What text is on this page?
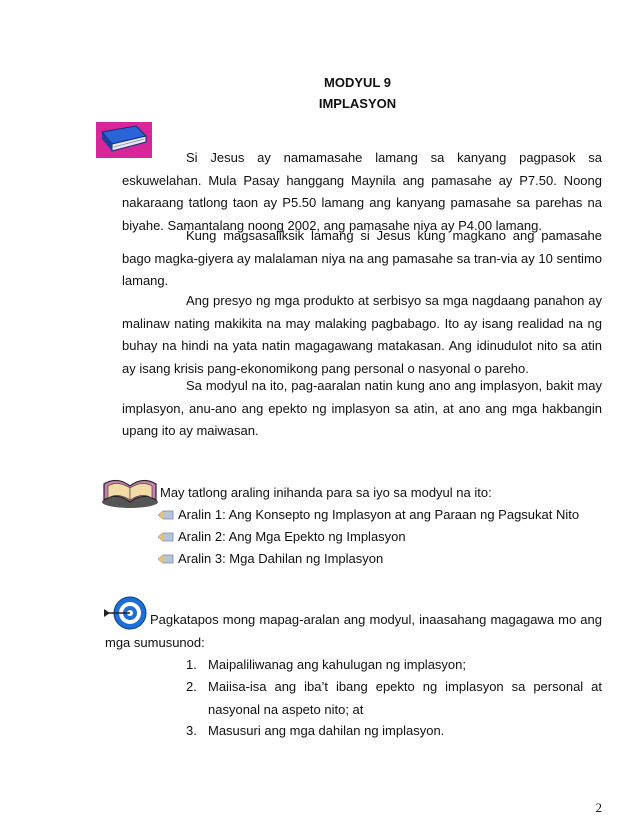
MODYUL 9
IMPLASYON

Si Jesus ay namamasahe lamang sa kanyang pagpasok sa eskuwelahan. Mula Pasay hanggang Maynila ang pamasahe ay P7.50. Noong nakaraang tatlong taon ay P5.50 lamang ang kanyang pamasahe sa parehas na biyahe. Samantalang noong 2002, ang pamasahe niya ay P4.00 lamang.

Kung magsasaliksik lamang si Jesus kung magkano ang pamasahe bago magka-giyera ay malalaman niya na ang pamasahe sa tran-via ay 10 sentimo lamang.

Ang presyo ng mga produkto at serbisyo sa mga nagdaang panahon ay malinaw nating makikita na may malaking pagbabago. Ito ay isang realidad na ng buhay na hindi na yata natin magagawang matakasan. Ang idinudulot nito sa atin ay isang krisis pang-ekonomikong pang personal o nasyonal o pareho.

Sa modyul na ito, pag-aaralan natin kung ano ang implasyon, bakit may implasyon, anu-ano ang epekto ng implasyon sa atin, at ano ang mga hakbangin upang ito ay maiwasan.

May tatlong araling inihanda para sa iyo sa modyul na ito:
Aralin 1: Ang Konsepto ng Implasyon at ang Paraan ng Pagsukat Nito
Aralin 2: Ang Mga Epekto ng Implasyon
Aralin 3: Mga Dahilan ng Implasyon

Pagkatapos mong mapag-aralan ang modyul, inaasahang magagawa mo ang mga sumusunod:

1. Maipaliliwanag ang kahulugan ng implasyon;
2. Maiisa-isa ang iba’t ibang epekto ng implasyon sa personal at nasyonal na aspeto nito; at
3. Masusuri ang mga dahilan ng implasyon.
2
